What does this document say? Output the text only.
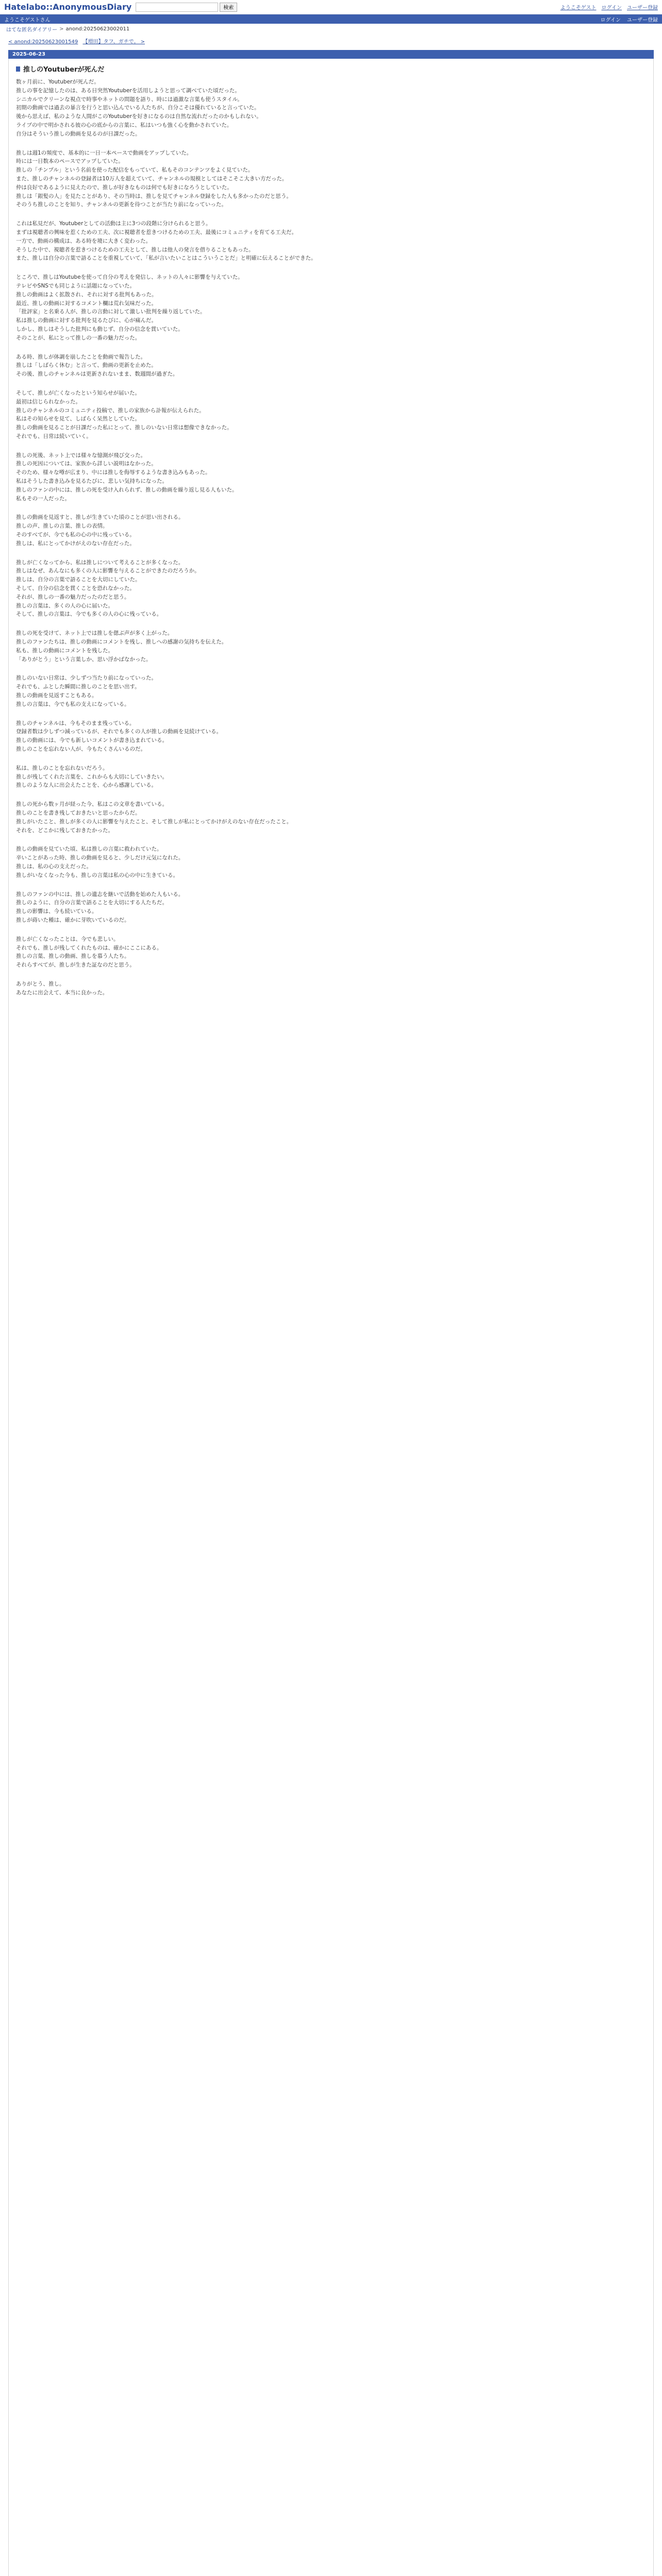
Hatelabo::AnonymousDiary	検索	ようこそゲスト ログイン ユーザー登録
ようこそゲストさん	ログイン ユーザー登録
はてな匿名ダイアリー > anond:20250623002011
< anond:20250623001549 【増田】タフ、ガチで。 >
2025-06-23
推しのYoutuberが死んだ
数ヶ月前に、Youtuberが死んだ。
推しの事を記憶したのは、ある日突然Youtuberを活用しようと思って調べていた頃だった。
シニカルでクリーンな視点で時事やネットの問題を語り、時には過激な言葉も使うスタイル。
初期の動画では過去の暴言を行うと思い込んでいる人たちが、自分こそは優れていると言っていた。
後から思えば、私のような人間がこのYoutuberを好きになるのは自然な流れだったのかもしれない。
ライブの中で明かされる彼の心の底からの言葉に、私はいつも強く心を動かされていた。
自分はそういう推しの動画を見るのが日課だった。
推しは週1の頻度で、基本的に一日一本ペースで動画をアップしていた。
時には一日数本のペースでアップしていた。
推しの「チンプル」という名前を使った配信をもっていて、私もそのコンテンツをよく見ていた。
また、推しのチャンネルの登録者は10万人を超えていて、チャンネルの規模としてはそこそこ大きい方だった。
仲は良好であるように見えたので、推しが好きなものは何でも好きになろうとしていた。
推しは「銀髪の人」を見たことがあり、その当時は、推しを見てチャンネル登録をした人も多かったのだと思う。
そのうち推しのことを知り、チャンネルの更新を待つことが当たり前になっていった。
これは私見だが、Youtuberとしての活動は主に3つの段階に分けられると思う。
まずは視聴者の興味を惹くための工夫、次に視聴者を惹きつけるための工夫、最後にコミュニティを育てる工夫だ。
一方で、動画の構成は、ある時を境に大きく変わった。
そうした中で、視聴者を惹きつけるための工夫として、推しは他人の発言を借りることもあった。
また、推しは自分の言葉で語ることを重視していて、「私が言いたいことはこういうことだ」と明確に伝えることができた。
ところで、推しはYoutubeを使って自分の考えを発信し、ネットの人々に影響を与えていた。
テレビやSNSでも同じように話題になっていた。
推しの動画はよく拡散され、それに対する批判もあった。
最近、推しの動画に対するコメント欄は荒れ気味だった。
「批評家」と名乗る人が、推しの言動に対して激しい批判を繰り返していた。
私は推しの動画に対する批判を見るたびに、心が痛んだ。
しかし、推しはそうした批判にも動じず、自分の信念を貫いていた。
そのことが、私にとって推しの一番の魅力だった。
ある時、推しが体調を崩したことを動画で報告した。
推しは「しばらく休む」と言って、動画の更新を止めた。
その後、推しのチャンネルは更新されないまま、数週間が過ぎた。
そして、推しが亡くなったという知らせが届いた。
最初は信じられなかった。
推しのチャンネルのコミュニティ投稿で、推しの家族から訃報が伝えられた。
私はその知らせを見て、しばらく呆然としていた。
推しの動画を見ることが日課だった私にとって、推しのいない日常は想像できなかった。
それでも、日常は続いていく。
推しの死後、ネット上では様々な憶測が飛び交った。
推しの死因については、家族から詳しい説明はなかった。
そのため、様々な噂が広まり、中には推しを侮辱するような書き込みもあった。
私はそうした書き込みを見るたびに、悲しい気持ちになった。
推しのファンの中には、推しの死を受け入れられず、推しの動画を繰り返し見る人もいた。
私もその一人だった。
推しの動画を見返すと、推しが生きていた頃のことが思い出される。
推しの声、推しの言葉、推しの表情。
そのすべてが、今でも私の心の中に残っている。
推しは、私にとってかけがえのない存在だった。
推しが亡くなってから、私は推しについて考えることが多くなった。
推しはなぜ、あんなにも多くの人に影響を与えることができたのだろうか。
推しは、自分の言葉で語ることを大切にしていた。
そして、自分の信念を貫くことを恐れなかった。
それが、推しの一番の魅力だったのだと思う。
推しの言葉は、多くの人の心に届いた。
そして、推しの言葉は、今でも多くの人の心に残っている。
推しの死を受けて、ネット上では推しを偲ぶ声が多く上がった。
推しのファンたちは、推しの動画にコメントを残し、推しへの感謝の気持ちを伝えた。
私も、推しの動画にコメントを残した。
「ありがとう」という言葉しか、思い浮かばなかった。
推しのいない日常は、少しずつ当たり前になっていった。
それでも、ふとした瞬間に推しのことを思い出す。
推しの動画を見返すこともある。
推しの言葉は、今でも私の支えになっている。
推しのチャンネルは、今もそのまま残っている。
登録者数は少しずつ減っているが、それでも多くの人が推しの動画を見続けている。
推しの動画には、今でも新しいコメントが書き込まれている。
推しのことを忘れない人が、今もたくさんいるのだ。
私は、推しのことを忘れないだろう。
推しが残してくれた言葉を、これからも大切にしていきたい。
推しのような人に出会えたことを、心から感謝している。
推しの死から数ヶ月が経った今、私はこの文章を書いている。
推しのことを書き残しておきたいと思ったからだ。
推しがいたこと、推しが多くの人に影響を与えたこと、そして推しが私にとってかけがえのない存在だったこと。
それを、どこかに残しておきたかった。
推しの動画を見ていた頃、私は推しの言葉に救われていた。
辛いことがあった時、推しの動画を見ると、少しだけ元気になれた。
推しは、私の心の支えだった。
推しがいなくなった今も、推しの言葉は私の心の中に生きている。
推しのファンの中には、推しの遺志を継いで活動を始めた人もいる。
推しのように、自分の言葉で語ることを大切にする人たちだ。
推しの影響は、今も続いている。
推しが蒔いた種は、確かに芽吹いているのだ。
推しが亡くなったことは、今でも悲しい。
それでも、推しが残してくれたものは、確かにここにある。
推しの言葉、推しの動画、推しを慕う人たち。
それらすべてが、推しが生きた証なのだと思う。
ありがとう、推し。
あなたに出会えて、本当に良かった。
